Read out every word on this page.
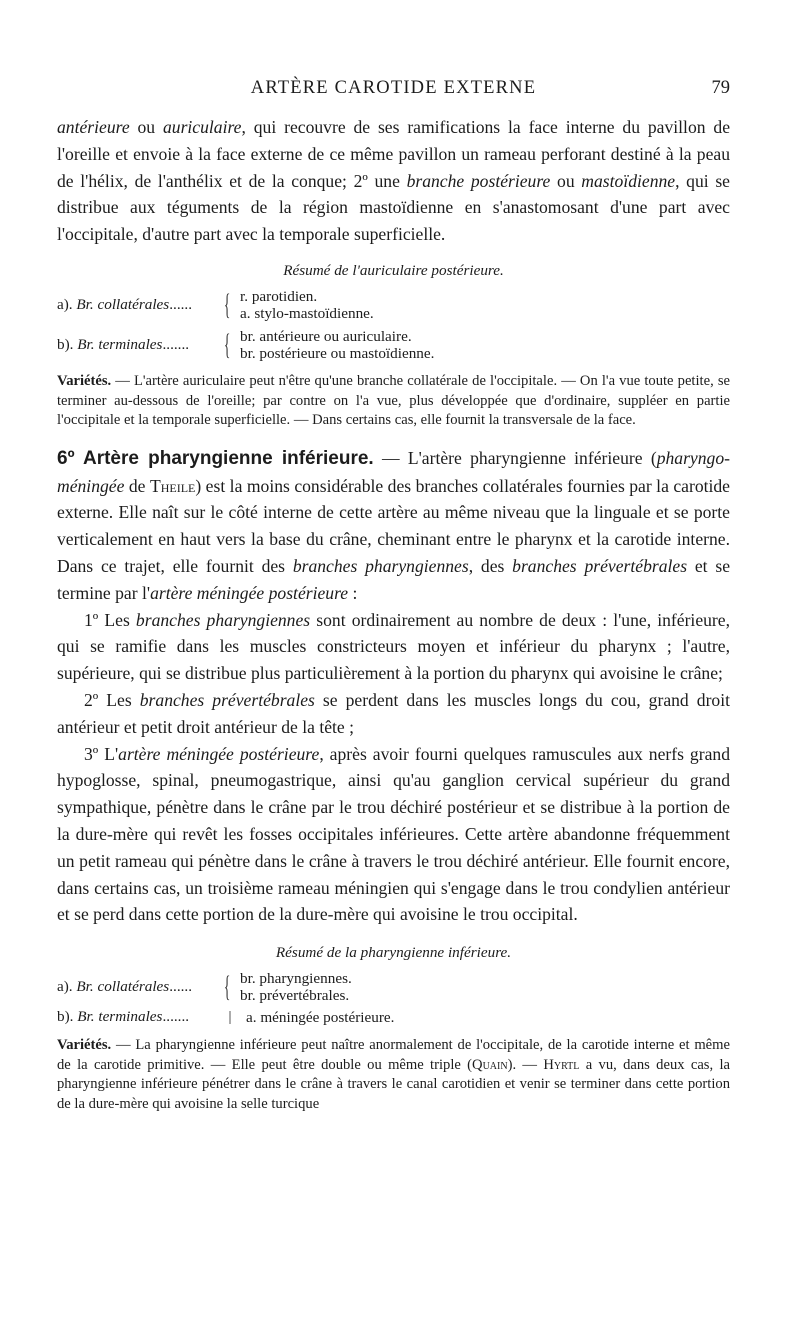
ARTÈRE CAROTIDE EXTERNE	79

antérieure ou auriculaire, qui recouvre de ses ramifications la face interne du pavillon de l'oreille et envoie à la face externe de ce même pavillon un rameau perforant destiné à la peau de l'hélix, de l'anthélix et de la conque; 2º une branche postérieure ou mastoïdienne, qui se distribue aux téguments de la région mastoïdienne en s'anastomosant d'une part avec l'occipitale, d'autre part avec la temporale superficielle.

Résumé de l'auriculaire postérieure.
a). Br. collatérales......	{ r. parotidien.
a. stylo-mastoïdienne.
b). Br. terminales.......	{ br. antérieure ou auriculaire.
br. postérieure ou mastoïdienne.

Variétés. — L'artère auriculaire peut n'être qu'une branche collatérale de l'occipitale. — On l'a vue toute petite, se terminer au-dessous de l'oreille; par contre on l'a vue, plus développée que d'ordinaire, suppléer en partie l'occipitale et la temporale superficielle. — Dans certains cas, elle fournit la transversale de la face.

6º Artère pharyngienne inférieure. — L'artère pharyngienne inférieure (pharyngo-méningée de Theile) est la moins considérable des branches collatérales fournies par la carotide externe. Elle naît sur le côté interne de cette artère au même niveau que la linguale et se porte verticalement en haut vers la base du crâne, cheminant entre le pharynx et la carotide interne. Dans ce trajet, elle fournit des branches pharyngiennes, des branches prévertébrales et se termine par l'artère méningée postérieure :

1º Les branches pharyngiennes sont ordinairement au nombre de deux : l'une, inférieure, qui se ramifie dans les muscles constricteurs moyen et inférieur du pharynx ; l'autre, supérieure, qui se distribue plus particulièrement à la portion du pharynx qui avoisine le crâne;

2º Les branches prévertébrales se perdent dans les muscles longs du cou, grand droit antérieur et petit droit antérieur de la tête ;

3º L'artère méningée postérieure, après avoir fourni quelques ramuscules aux nerfs grand hypoglosse, spinal, pneumogastrique, ainsi qu'au ganglion cervical supérieur du grand sympathique, pénètre dans le crâne par le trou déchiré postérieur et se distribue à la portion de la dure-mère qui revêt les fosses occipitales inférieures. Cette artère abandonne fréquemment un petit rameau qui pénètre dans le crâne à travers le trou déchiré antérieur. Elle fournit encore, dans certains cas, un troisième rameau méningien qui s'engage dans le trou condylien antérieur et se perd dans cette portion de la dure-mère qui avoisine le trou occipital.

Résumé de la pharyngienne inférieure.
a). Br. collatérales......	{ br. pharyngiennes.
br. prévertébrales.
b). Br. terminales.......	| a. méningée postérieure.

Variétés. — La pharyngienne inférieure peut naître anormalement de l'occipitale, de la carotide interne et même de la carotide primitive. — Elle peut être double ou même triple (Quain). — Hyrtl a vu, dans deux cas, la pharyngienne inférieure pénétrer dans le crâne à travers le canal carotidien et venir se terminer dans cette portion de la dure-mère qui avoisine la selle turcique
